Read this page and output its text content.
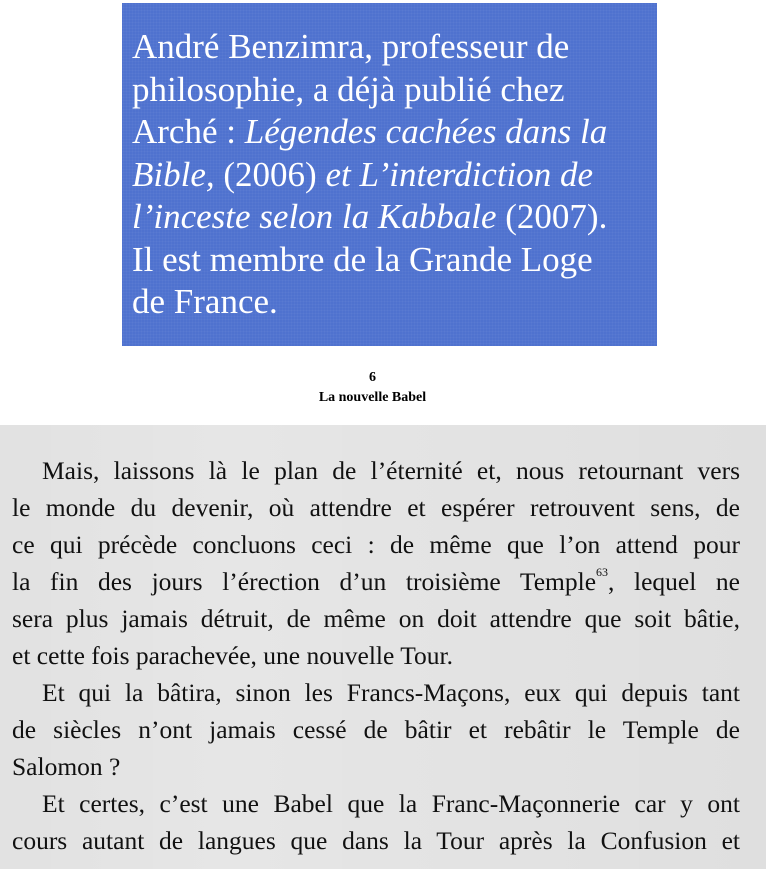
André Benzimra, professeur de
philosophie, a déjà publié chez
Arché : Légendes cachées dans la
Bible, (2006) et L’interdiction de
l’inceste selon la Kabbale (2007).
Il est membre de la Grande Loge
de France.
6
La nouvelle Babel
Mais, laissons là le plan de l’éternité et, nous retournant vers
le monde du devenir, où attendre et espérer retrouvent sens, de
ce qui précède concluons ceci : de même que l’on attend pour
la fin des jours l’érection d’un troisième Temple$^{63}$, lequel ne
sera plus jamais détruit, de même on doit attendre que soit bâtie,
et cette fois parachevée, une nouvelle Tour.
Et qui la bâtira, sinon les Francs-Maçons, eux qui depuis tant
de siècles n’ont jamais cessé de bâtir et rebâtir le Temple de
Salomon ?
Et certes, c’est une Babel que la Franc-Maçonnerie car y ont
cours autant de langues que dans la Tour après la Confusion et
